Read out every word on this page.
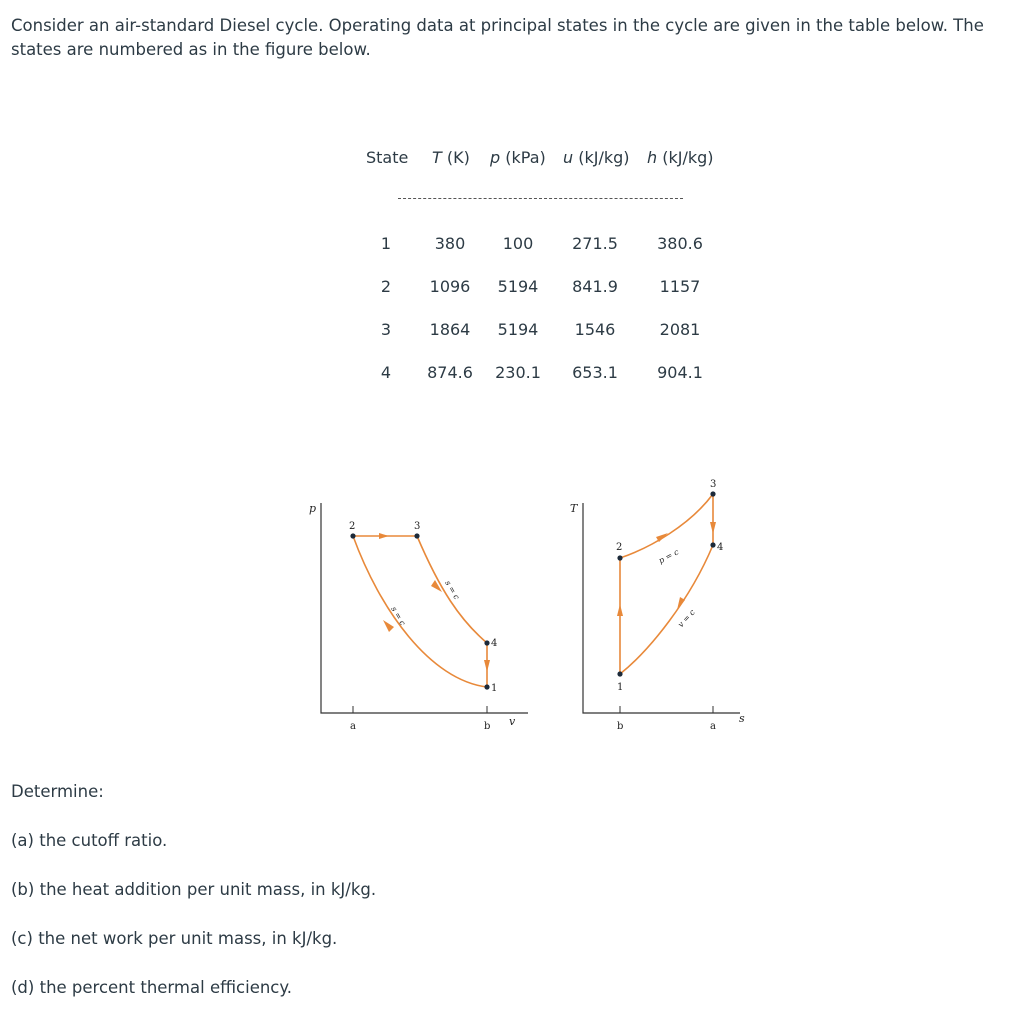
Consider an air-standard Diesel cycle. Operating data at principal states in the cycle are given in the table below. The states are numbered as in the figure below.
State T (K) p (kPa) u (kJ/kg) h (kJ/kg)
1	380	100	271.5	380.6
2	1096	5194	841.9	1157
3	1864	5194	1546	2081
4	874.6	230.1	653.1	904.1
p
v
a	b
2	3
4
1
s = c
s = c
T
s
b	a
2
3
4
1
p = c
v = c
Determine:
(a) the cutoff ratio.
(b) the heat addition per unit mass, in kJ/kg.
(c) the net work per unit mass, in kJ/kg.
(d) the percent thermal efficiency.
